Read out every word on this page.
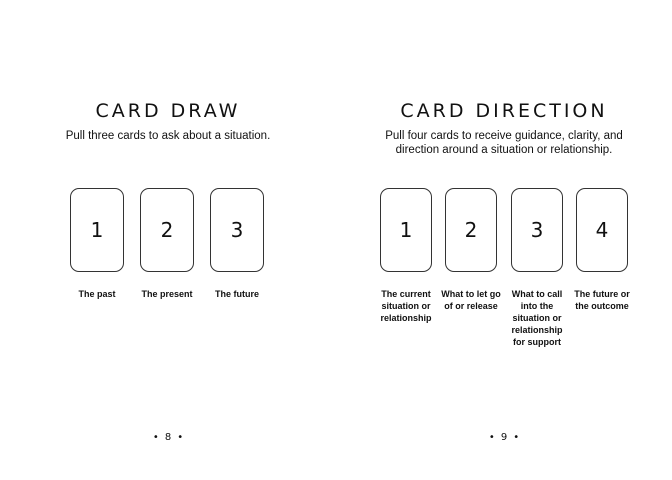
CARD DRAW
Pull three cards to ask about a situation.
1	2	3
The past	The present	The future
• 8 •
CARD DIRECTION
Pull four cards to receive guidance, clarity, and
direction around a situation or relationship.
1	2	3	4
The current situation or relationship
What to let go of or release
What to call into the situation or relationship for support
The future or the outcome
• 9 •
